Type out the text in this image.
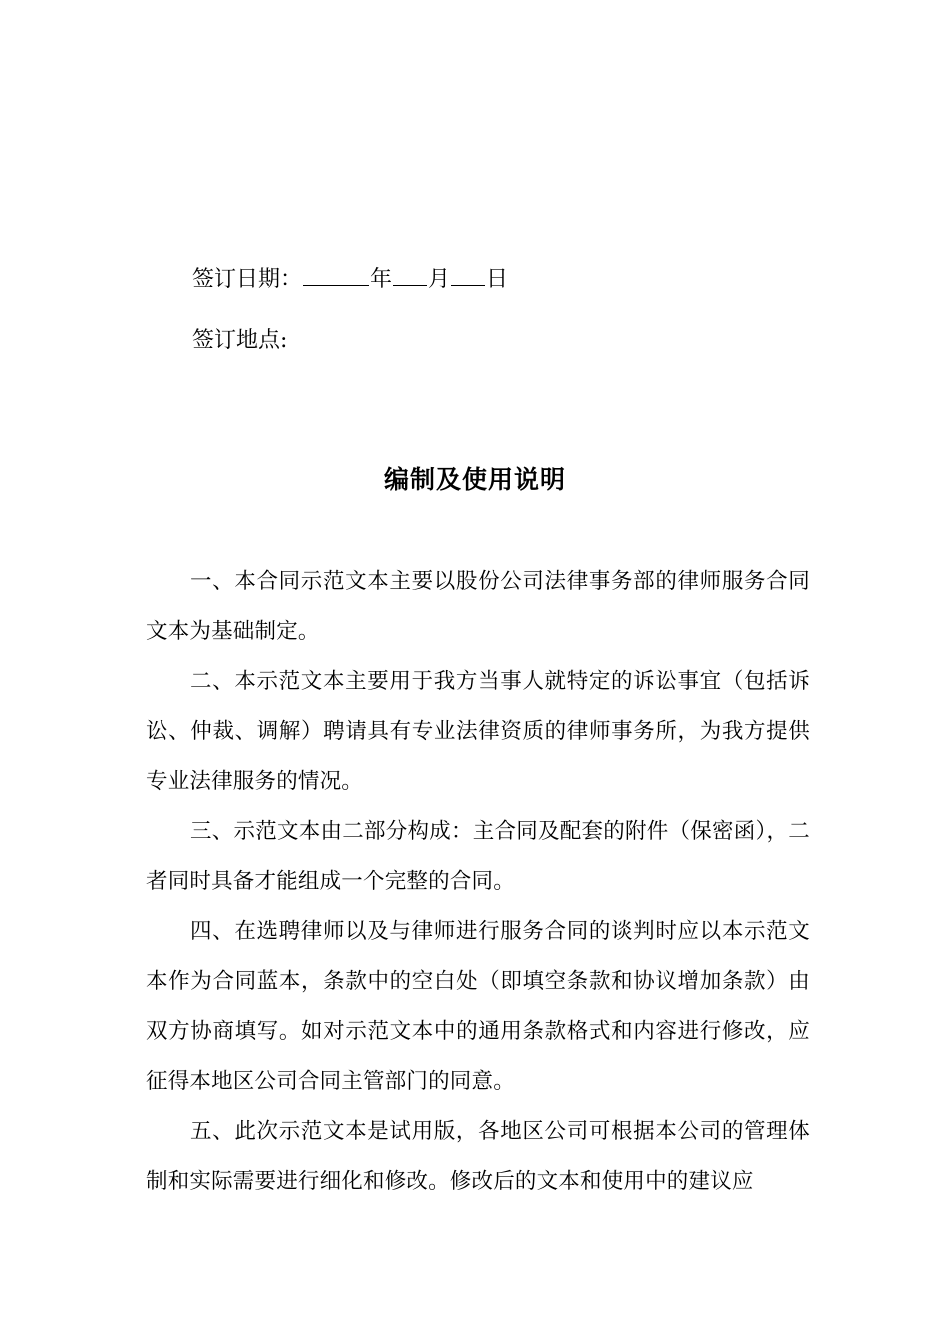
签订日期：	年 月 日
签订地点:
编制及使用说明

一、本合同示范文本主要以股份公司法律事务部的律师服务合同文本为基础制定。

二、本示范文本主要用于我方当事人就特定的诉讼事宜（包括诉讼、仲裁、调解）聘请具有专业法律资质的律师事务所，为我方提供专业法律服务的情况。

三、示范文本由二部分构成：主合同及配套的附件（保密函），二者同时具备才能组成一个完整的合同。

四、在选聘律师以及与律师进行服务合同的谈判时应以本示范文本作为合同蓝本，条款中的空白处（即填空条款和协议增加条款）由双方协商填写。如对示范文本中的通用条款格式和内容进行修改，应征得本地区公司合同主管部门的同意。

五、此次示范文本是试用版，各地区公司可根据本公司的管理体制和实际需要进行细化和修改。修改后的文本和使用中的建议应
